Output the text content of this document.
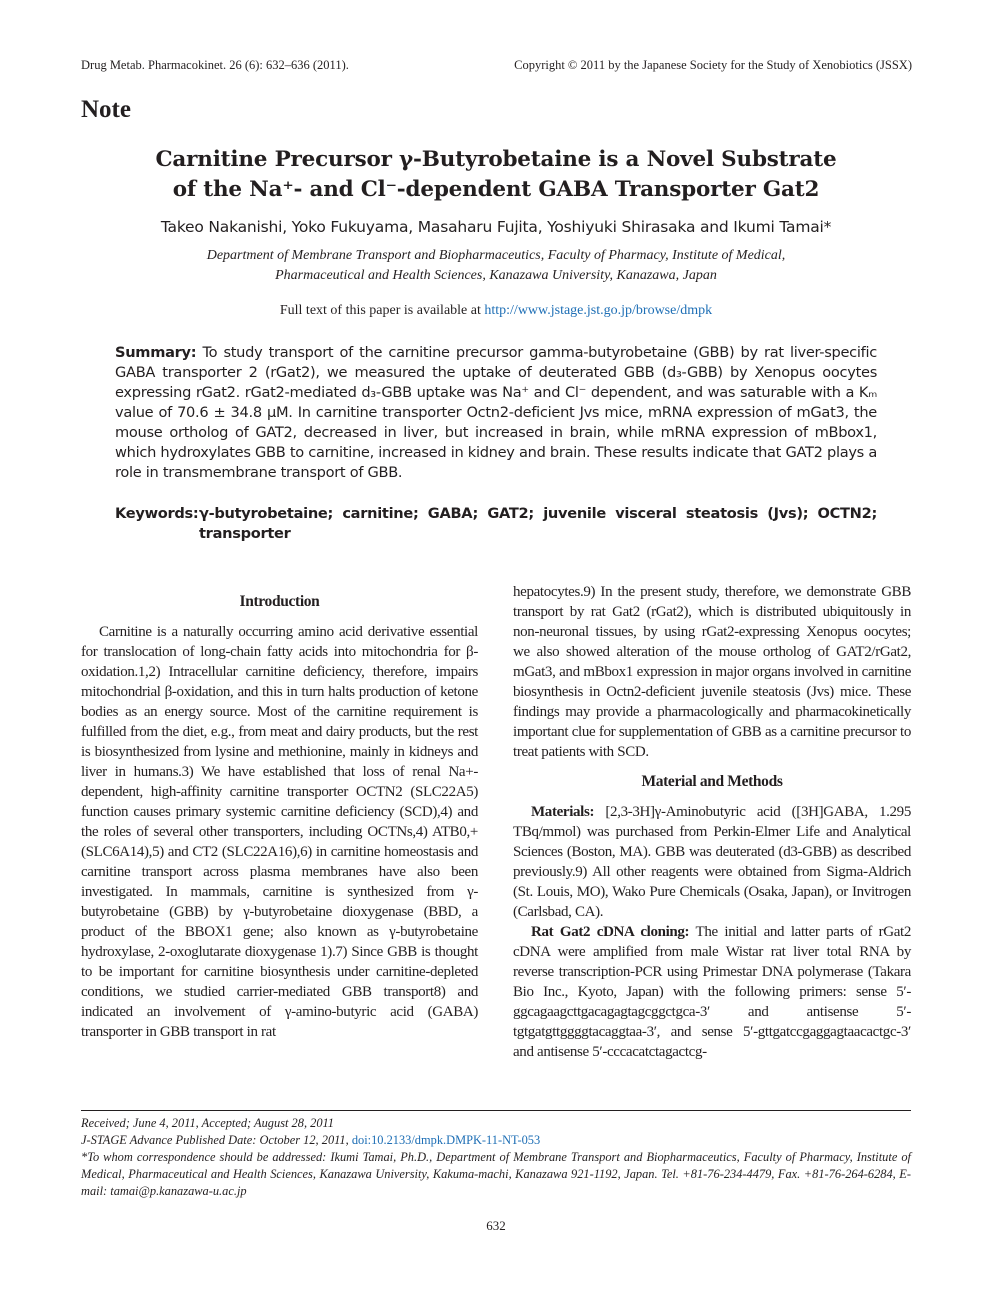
Drug Metab. Pharmacokinet. 26 (6): 632–636 (2011).	Copyright © 2011 by the Japanese Society for the Study of Xenobiotics (JSSX)
Note
Carnitine Precursor γ-Butyrobetaine is a Novel Substrate
of the Na⁺- and Cl⁻-dependent GABA Transporter Gat2
Takeo Nakanishi, Yoko Fukuyama, Masaharu Fujita, Yoshiyuki Shirasaka and Ikumi Tamai*
Department of Membrane Transport and Biopharmaceutics, Faculty of Pharmacy, Institute of Medical,
Pharmaceutical and Health Sciences, Kanazawa University, Kanazawa, Japan
Full text of this paper is available at http://www.jstage.jst.go.jp/browse/dmpk
Summary: To study transport of the carnitine precursor gamma-butyrobetaine (GBB) by rat liver-specific GABA transporter 2 (rGat2), we measured the uptake of deuterated GBB (d₃-GBB) by Xenopus oocytes expressing rGat2. rGat2-mediated d₃-GBB uptake was Na⁺ and Cl⁻ dependent, and was saturable with a Kₘ value of 70.6 ± 34.8 μM. In carnitine transporter Octn2-deficient Jvs mice, mRNA expression of mGat3, the mouse ortholog of GAT2, decreased in liver, but increased in brain, while mRNA expression of mBbox1, which hydroxylates GBB to carnitine, increased in kidney and brain. These results indicate that GAT2 plays a role in transmembrane transport of GBB.
Keywords: γ-butyrobetaine; carnitine; GABA; GAT2; juvenile visceral steatosis (Jvs); OCTN2; transporter
Introduction

Carnitine is a naturally occurring amino acid derivative essential for translocation of long-chain fatty acids into mitochondria for β-oxidation.1,2) Intracellular carnitine deficiency, therefore, impairs mitochondrial β-oxidation, and this in turn halts production of ketone bodies as an energy source. Most of the carnitine requirement is fulfilled from the diet, e.g., from meat and dairy products, but the rest is biosynthesized from lysine and methionine, mainly in kidneys and liver in humans.3) We have established that loss of renal Na+-dependent, high-affinity carnitine transporter OCTN2 (SLC22A5) function causes primary systemic carnitine deficiency (SCD),4) and the roles of several other transporters, including OCTNs,4) ATB0,+ (SLC6A14),5) and CT2 (SLC22A16),6) in carnitine homeostasis and carnitine transport across plasma membranes have also been investigated. In mammals, carnitine is synthesized from γ-butyrobetaine (GBB) by γ-butyrobetaine dioxygenase (BBD, a product of the BBOX1 gene; also known as γ-butyrobetaine hydroxylase, 2-oxoglutarate dioxygenase 1).7) Since GBB is thought to be important for carnitine biosynthesis under carnitine-depleted conditions, we studied carrier-mediated GBB transport8) and indicated an involvement of γ-amino-butyric acid (GABA) transporter in GBB transport in rat

hepatocytes.9) In the present study, therefore, we demonstrate GBB transport by rat Gat2 (rGat2), which is distributed ubiquitously in non-neuronal tissues, by using rGat2-expressing Xenopus oocytes; we also showed alteration of the mouse ortholog of GAT2/rGat2, mGat3, and mBbox1 expression in major organs involved in carnitine biosynthesis in Octn2-deficient juvenile steatosis (Jvs) mice. These findings may provide a pharmacologically and pharmacokinetically important clue for supplementation of GBB as a carnitine precursor to treat patients with SCD.

Material and Methods

Materials: [2,3-3H]γ-Aminobutyric acid ([3H]GABA, 1.295 TBq/mmol) was purchased from Perkin-Elmer Life and Analytical Sciences (Boston, MA). GBB was deuterated (d3-GBB) as described previously.9) All other reagents were obtained from Sigma-Aldrich (St. Louis, MO), Wako Pure Chemicals (Osaka, Japan), or Invitrogen (Carlsbad, CA).

Rat Gat2 cDNA cloning: The initial and latter parts of rGat2 cDNA were amplified from male Wistar rat liver total RNA by reverse transcription-PCR using Primestar DNA polymerase (Takara Bio Inc., Kyoto, Japan) with the following primers: sense 5′-ggcagaagcttgacagagtagcggctgca-3′ and antisense 5′-tgtgatgttggggtacaggtaa-3′, and sense 5′-gttgatccgaggagtaacactgc-3′ and antisense 5′-cccacatctagactcg-

Received; June 4, 2011, Accepted; August 28, 2011
J-STAGE Advance Published Date: October 12, 2011, doi:10.2133/dmpk.DMPK-11-NT-053
*To whom correspondence should be addressed: Ikumi Tamai, Ph.D., Department of Membrane Transport and Biopharmaceutics, Faculty of Pharmacy, Institute of Medical, Pharmaceutical and Health Sciences, Kanazawa University, Kakuma-machi, Kanazawa 921-1192, Japan. Tel. +81-76-234-4479, Fax. +81-76-264-6284, E-mail: tamai@p.kanazawa-u.ac.jp
632
